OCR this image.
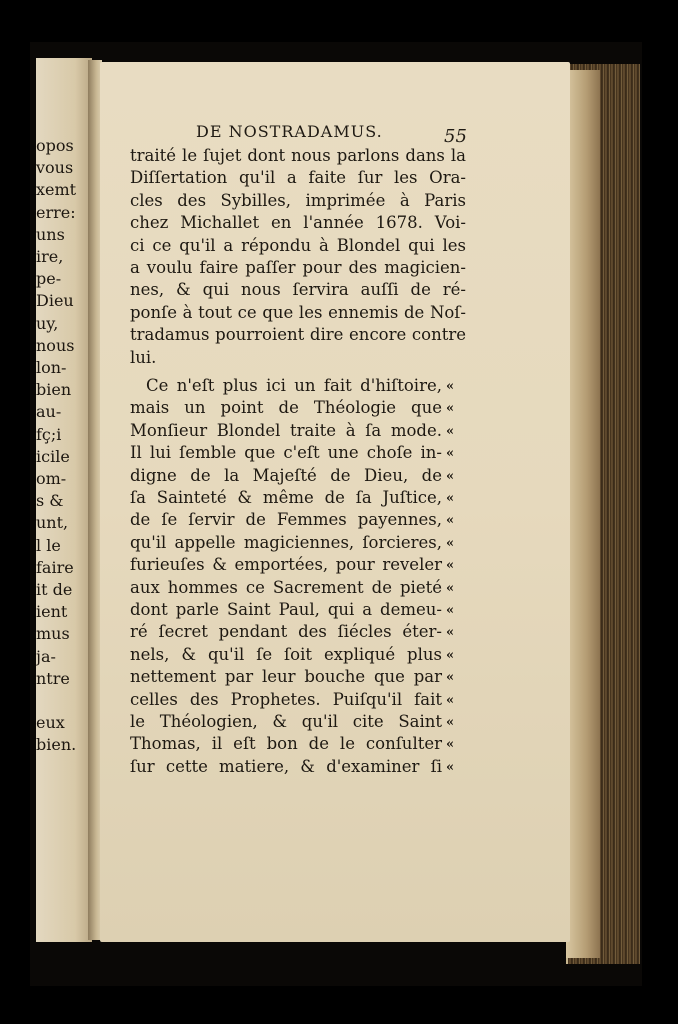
opos
vous
xemt
erre:
uns
ire,
pe-
Dieu
uy,
nous
lon-
bien
au-
fç;i
icile
om-
s &
unt,
l le
faire
it de
ient
mus
ja-
ntre
eux
bien.
DE NOSTRADAMUS.	55
traité le ſujet dont nous parlons dans la
Diſſertation qu'il a faite ſur les Ora-
cles des Sybilles, imprimée à Paris
chez Michallet en l'année 1678. Voi-
ci ce qu'il a répondu à Blondel qui les
a voulu faire paſſer pour des magicien-
nes, & qui nous ſervira auſſi de ré-
ponſe à tout ce que les ennemis de Noſ-
tradamus pourroient dire encore contre
lui.
Ce n'eſt plus ici un fait d'hiſtoire, «
mais un point de Théologie que «
Monſieur Blondel traite à ſa mode. «
Il lui ſemble que c'eſt une choſe in- «
digne de la Majeſté de Dieu, de «
ſa Sainteté & même de ſa Juſtice, «
de ſe ſervir de Femmes payennes, «
qu'il appelle magiciennes, ſorcieres, «
furieuſes & emportées, pour reveler «
aux hommes ce Sacrement de pieté «
dont parle Saint Paul, qui a demeu- «
ré ſecret pendant des ſiécles éter- «
nels, & qu'il ſe ſoit expliqué plus «
nettement par leur bouche que par «
celles des Prophetes. Puiſqu'il fait «
le Théologien, & qu'il cite Saint «
Thomas, il eſt bon de le conſulter «
ſur cette matiere, & d'examiner ſi «
